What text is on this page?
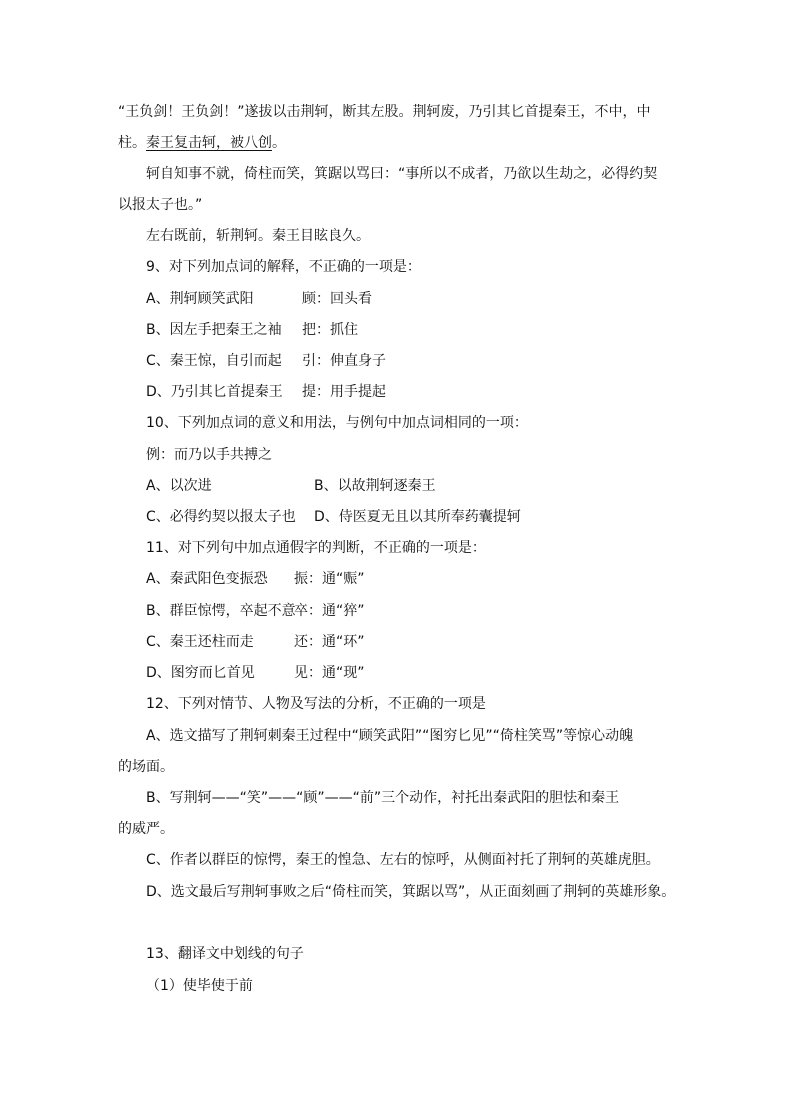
“王负剑！王负剑！”遂拔以击荆轲，断其左股。荆轲废，乃引其匕首提秦王，不中，中
柱。秦王复击轲，被八创。
轲自知事不就，倚柱而笑，箕踞以骂曰：“事所以不成者，乃欲以生劫之，必得约契
以报太子也。”
左右既前，斩荆轲。秦王目眩良久。
9、对下列加点词的解释，不正确的一项是：
A、荆轲顾笑武阳	顾：回头看
B、因左手把秦王之袖 把：抓住
C、秦王惊，自引而起 引：伸直身子
D、乃引其匕首提秦王 提：用手提起
10、下列加点词的意义和用法，与例句中加点词相同的一项：
例：而乃以手共搏之
A、以次进	B、以故荆轲逐秦王
C、必得约契以报太子也 D、侍医夏无且以其所奉药囊提轲
11、对下列句中加点通假字的判断，不正确的一项是：
A、秦武阳色变振恐 振：通“赈”
B、群臣惊愕，卒起不意卒：通“猝”
C、秦王还柱而走	还：通“环”
D、图穷而匕首见	见：通“现”
12、下列对情节、人物及写法的分析，不正确的一项是
A、选文描写了荆轲刺秦王过程中“顾笑武阳”“图穷匕见”“倚柱笑骂”等惊心动魄
的场面。
B、写荆轲——“笑”——“顾”——“前”三个动作，衬托出秦武阳的胆怯和秦王
的威严。
C、作者以群臣的惊愕，秦王的惶急、左右的惊呼，从侧面衬托了荆轲的英雄虎胆。
D、选文最后写荆轲事败之后“倚柱而笑，箕踞以骂”，从正面刻画了荆轲的英雄形象。
13、翻译文中划线的句子
（1）使毕使于前
